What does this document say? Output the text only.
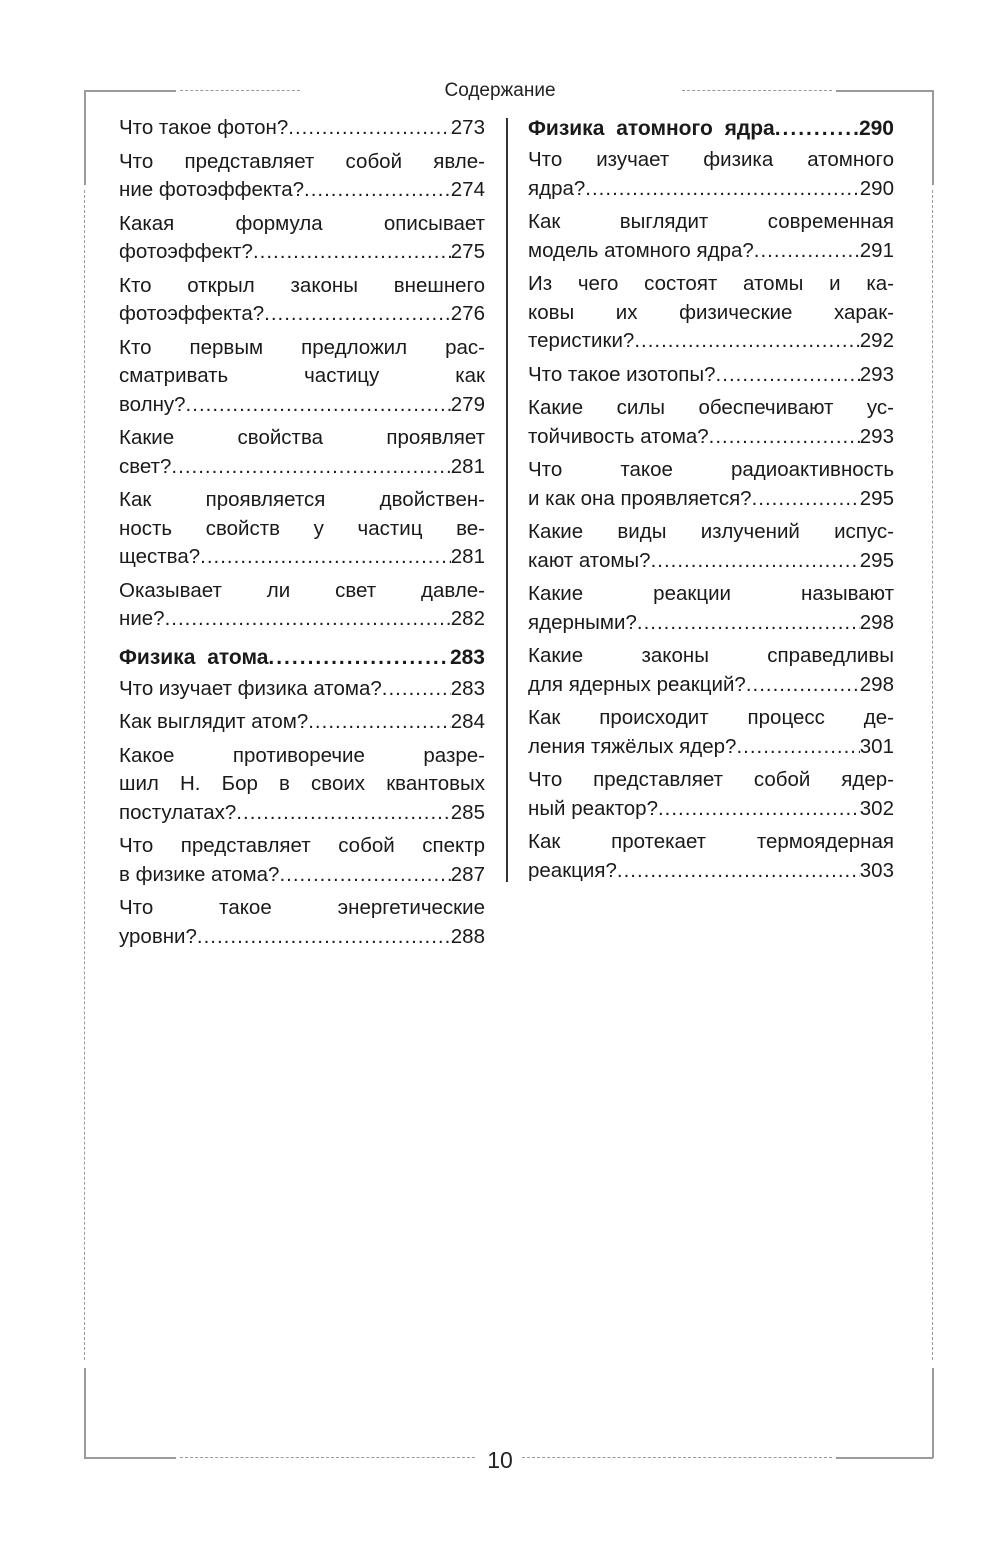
Содержание
Что такое фотон? .....	273
Что представляет собой явле-
ние фотоэффекта? .....	274
Какая формула описывает
фотоэффект? .....	275
Кто открыл законы внешнего
фотоэффекта? .....	276
Кто первым предложил рас-
сматривать частицу как
волну? .....	279
Какие свойства проявляет
свет? .....	281
Как проявляется двойствен-
ность свойств у частиц ве-
щества? .....	281
Оказывает ли свет давле-
ние? .....	282
Физика атома .....	283
Что изучает физика атома? .....	283
Как выглядит атом? .....	284
Какое противоречие разре-
шил Н. Бор в своих квантовых
постулатах? .....	285
Что представляет собой спектр
в физике атома? .....	287
Что такое энергетические
уровни? .....	288
Физика атомного ядра .....	290
Что изучает физика атомного
ядра? .....	290
Как выглядит современная
модель атомного ядра? .....	291
Из чего состоят атомы и ка-
ковы их физические харак-
теристики? .....	292
Что такое изотопы? .....	293
Какие силы обеспечивают ус-
тойчивость атома? .....	293
Что такое радиоактивность
и как она проявляется? .....	295
Какие виды излучений испус-
кают атомы? .....	295
Какие реакции называют
ядерными? .....	298
Какие законы справедливы
для ядерных реакций? .....	298
Как происходит процесс де-
ления тяжёлых ядер? .....	301
Что представляет собой ядер-
ный реактор? .....	302
Как протекает термоядерная
реакция? .....	303
10
